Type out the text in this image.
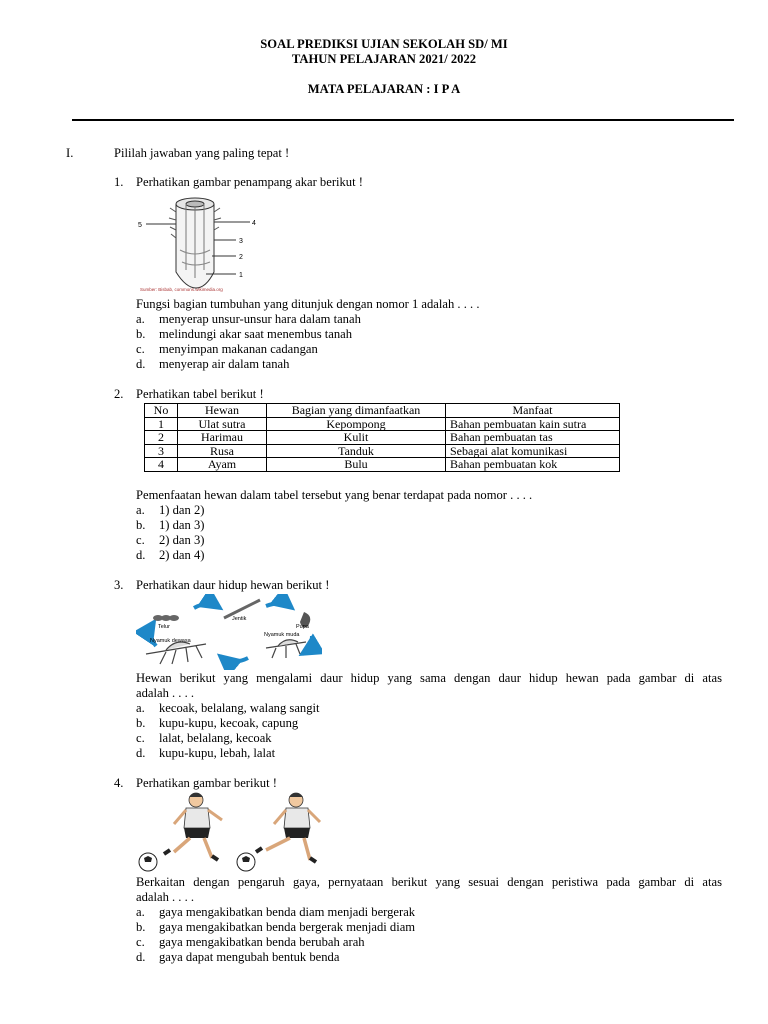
SOAL PREDIKSI UJIAN SEKOLAH SD/ MI
TAHUN PELAJARAN 2021/ 2022
MATA PELAJARAN : I P A
I.	Pililah jawaban yang paling tepat !
1. Perhatikan gambar penampang akar berikut !
5	4
3
2
1
Sumber: Bisbab, commons.wikimedia.org
Fungsi bagian tumbuhan yang ditunjuk dengan nomor 1 adalah . . . .
a. menyerap unsur-unsur hara dalam tanah
b. melindungi akar saat menembus tanah
c. menyimpan makanan cadangan
d. menyerap air dalam tanah
2. Perhatikan tabel berikut !
No	Hewan	Bagian yang dimanfaatkan	Manfaat
1	Ulat sutra	Kepompong	Bahan pembuatan kain sutra
2	Harimau	Kulit	Bahan pembuatan tas
3	Rusa	Tanduk	Sebagai alat komunikasi
4	Ayam	Bulu	Bahan pembuatan kok
Pemenfaatan hewan dalam tabel tersebut yang benar terdapat pada nomor . . . .
a. 1) dan 2)
b. 1) dan 3)
c. 2) dan 3)
d. 2) dan 4)
3. Perhatikan daur hidup hewan berikut !
Telur
Jentik
Pupa
Nyamuk dewasa
Nyamuk muda
Hewan berikut yang mengalami daur hidup yang sama dengan daur hidup hewan pada gambar di atas
adalah . . . .
a. kecoak, belalang, walang sangit
b. kupu-kupu, kecoak, capung
c. lalat, belalang, kecoak
d. kupu-kupu, lebah, lalat
4. Perhatikan gambar berikut !
Berkaitan dengan pengaruh gaya, pernyataan berikut yang sesuai dengan peristiwa pada gambar di atas
adalah . . . .
a. gaya mengakibatkan benda diam menjadi bergerak
b. gaya mengakibatkan benda bergerak menjadi diam
c. gaya mengakibatkan benda berubah arah
d. gaya dapat mengubah bentuk benda
